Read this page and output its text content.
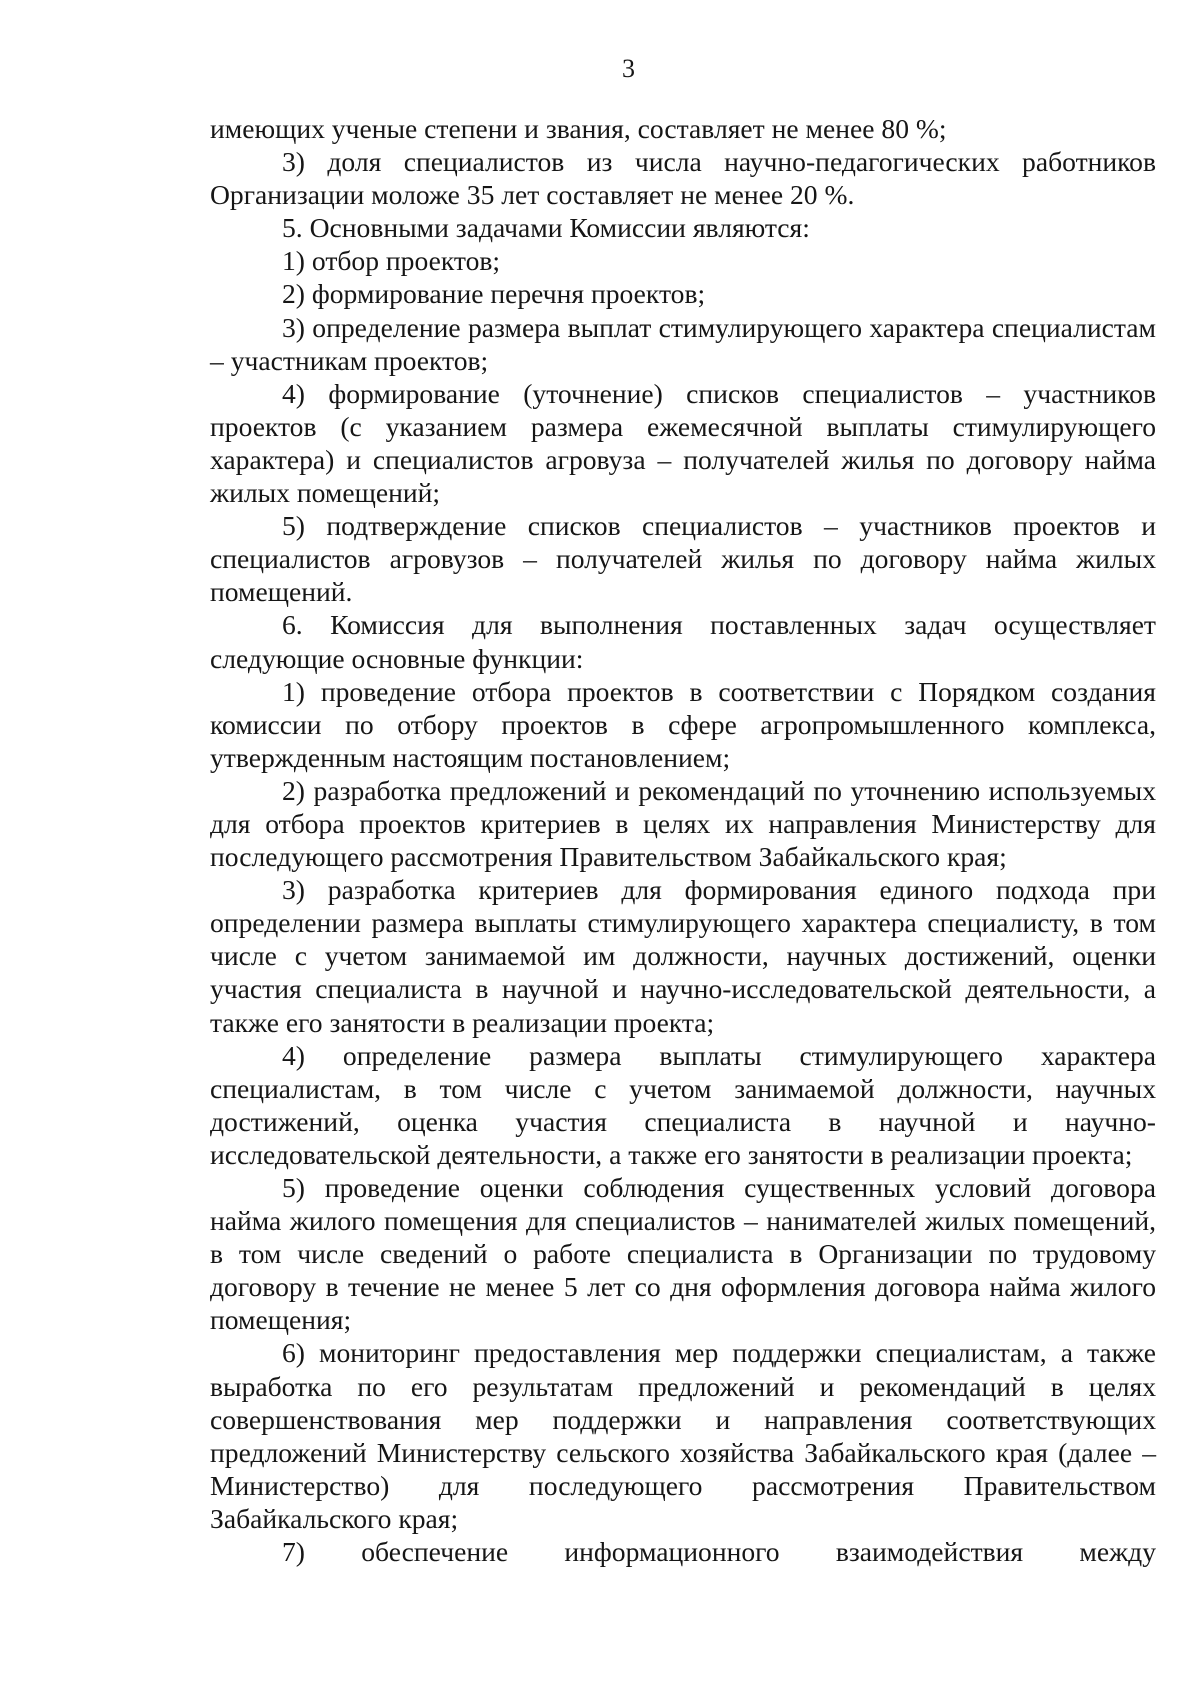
3

имеющих ученые степени и звания, составляет не менее 80 %;

3) доля специалистов из числа научно-педагогических работников Организации моложе 35 лет составляет не менее 20 %.

5. Основными задачами Комиссии являются:

1) отбор проектов;

2) формирование перечня проектов;

3) определение размера выплат стимулирующего характера специалистам – участникам проектов;

4) формирование (уточнение) списков специалистов – участников проектов (с указанием размера ежемесячной выплаты стимулирующего характера) и специалистов агровуза – получателей жилья по договору найма жилых помещений;

5) подтверждение списков специалистов – участников проектов и специалистов агровузов – получателей жилья по договору найма жилых помещений.

6. Комиссия для выполнения поставленных задач осуществляет следующие основные функции:

1) проведение отбора проектов в соответствии с Порядком создания комиссии по отбору проектов в сфере агропромышленного комплекса, утвержденным настоящим постановлением;

2) разработка предложений и рекомендаций по уточнению используемых для отбора проектов критериев в целях их направления Министерству для последующего рассмотрения Правительством Забайкальского края;

3) разработка критериев для формирования единого подхода при определении размера выплаты стимулирующего характера специалисту, в том числе с учетом занимаемой им должности, научных достижений, оценки участия специалиста в научной и научно-исследовательской деятельности, а также его занятости в реализации проекта;

4) определение размера выплаты стимулирующего характера специалистам, в том числе с учетом занимаемой должности, научных достижений, оценка участия специалиста в научной и научно-исследовательской деятельности, а также его занятости в реализации проекта;

5) проведение оценки соблюдения существенных условий договора найма жилого помещения для специалистов – нанимателей жилых помещений, в том числе сведений о работе специалиста в Организации по трудовому договору в течение не менее 5 лет со дня оформления договора найма жилого помещения;

6) мониторинг предоставления мер поддержки специалистам, а также выработка по его результатам предложений и рекомендаций в целях совершенствования мер поддержки и направления соответствующих предложений Министерству сельского хозяйства Забайкальского края (далее – Министерство) для последующего рассмотрения Правительством Забайкальского края;

7) обеспечение информационного взаимодействия между
